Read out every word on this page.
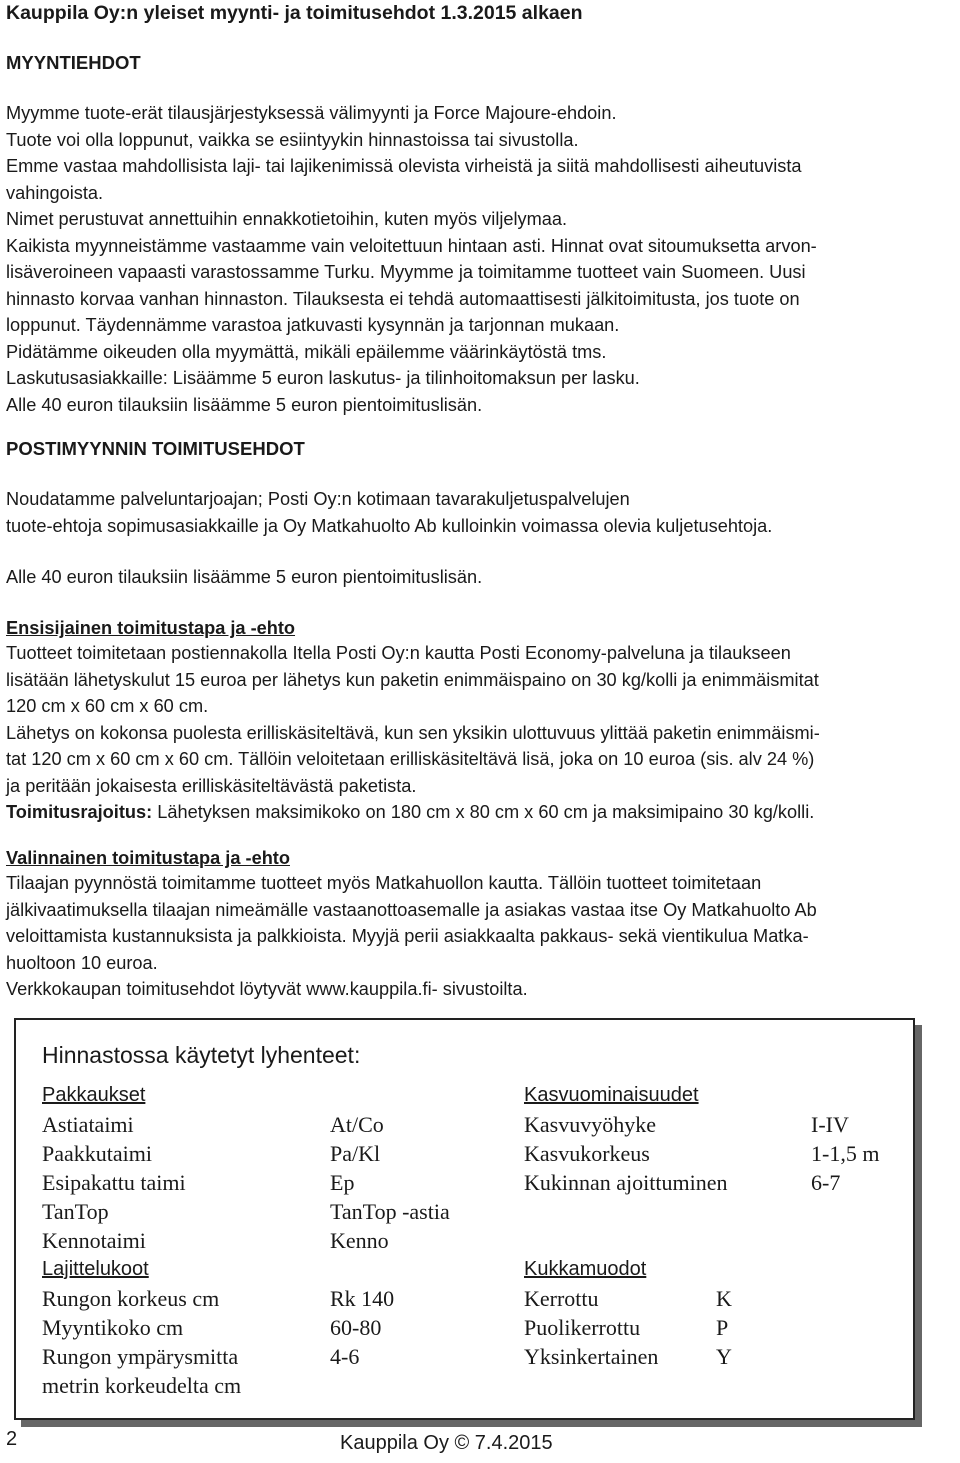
Kauppila Oy:n yleiset myynti- ja toimitusehdot 1.3.2015 alkaen
MYYNTIEHDOT
Myymme tuote-erät tilausjärjestyksessä välimyynti ja Force Majoure-ehdoin.
Tuote voi olla loppunut, vaikka se esiintyykin hinnastoissa tai sivustolla.
Emme vastaa mahdollisista laji- tai lajikenimissä olevista virheistä ja siitä mahdollisesti aiheutuvista
vahingoista.
Nimet perustuvat annettuihin ennakkotietoihin, kuten myös viljelymaa.
Kaikista myynneistämme vastaamme vain veloitettuun hintaan asti. Hinnat ovat sitoumuksetta arvon-
lisäveroineen vapaasti varastossamme Turku. Myymme ja toimitamme tuotteet vain Suomeen. Uusi
hinnasto korvaa vanhan hinnaston. Tilauksesta ei tehdä automaattisesti jälkitoimitusta, jos tuote on
loppunut. Täydennämme varastoa jatkuvasti kysynnän ja tarjonnan mukaan.
Pidätämme oikeuden olla myymättä, mikäli epäilemme väärinkäytöstä tms.
Laskutusasiakkaille: Lisäämme 5 euron laskutus- ja tilinhoitomaksun per lasku.
Alle 40 euron tilauksiin lisäämme 5 euron pientoimituslisän.
POSTIMYYNNIN TOIMITUSEHDOT
Noudatamme palveluntarjoajan; Posti Oy:n kotimaan tavarakuljetuspalvelujen
tuote-ehtoja sopimusasiakkaille ja Oy Matkahuolto Ab kulloinkin voimassa olevia kuljetusehtoja.
Alle 40 euron tilauksiin lisäämme 5 euron pientoimituslisän.
Ensisijainen toimitustapa ja -ehto
Tuotteet toimitetaan postiennakolla Itella Posti Oy:n kautta Posti Economy-palveluna ja tilaukseen
lisätään lähetyskulut 15 euroa per lähetys kun paketin enimmäispaino on 30 kg/kolli ja enimmäismitat
120 cm x 60 cm x 60 cm.
Lähetys on kokonsa puolesta erilliskäsiteltävä, kun sen yksikin ulottuvuus ylittää paketin enimmäismi-
tat 120 cm x 60 cm x 60 cm. Tällöin veloitetaan erilliskäsiteltävä lisä, joka on 10 euroa (sis. alv 24 %)
ja peritään jokaisesta erilliskäsiteltävästä paketista.
Toimitusrajoitus: Lähetyksen maksimikoko on 180 cm x 80 cm x 60 cm ja maksimipaino 30 kg/kolli.
Valinnainen toimitustapa ja -ehto
Tilaajan pyynnöstä toimitamme tuotteet myös Matkahuollon kautta. Tällöin tuotteet toimitetaan
jälkivaatimuksella tilaajan nimeämälle vastaanottoasemalle ja asiakas vastaa itse Oy Matkahuolto Ab
veloittamista kustannuksista ja palkkioista. Myyjä perii asiakkaalta pakkaus- sekä vientikulua Matka-
huoltoon 10 euroa.
Verkkokaupan toimitusehdot löytyvät www.kauppila.fi- sivustoilta.
Hinnastossa käytetyt lyhenteet:
Pakkaukset
Astiataimi	At/Co
Paakkutaimi	Pa/Kl
Esipakattu taimi	Ep
TanTop	TanTop -astia
Kennotaimi	Kenno
Lajittelukoot
Rungon korkeus cm	Rk 140
Myyntikoko cm	60-80
Rungon ympärysmitta	4-6
metrin korkeudelta cm
Kasvuominaisuudet
Kasvuvyöhyke	I-IV
Kasvukorkeus	1-1,5 m
Kukinnan ajoittuminen	6-7
Kukkamuodot
Kerrottu	K
Puolikerrottu	P
Yksinkertainen	Y
2	Kauppila Oy © 7.4.2015
